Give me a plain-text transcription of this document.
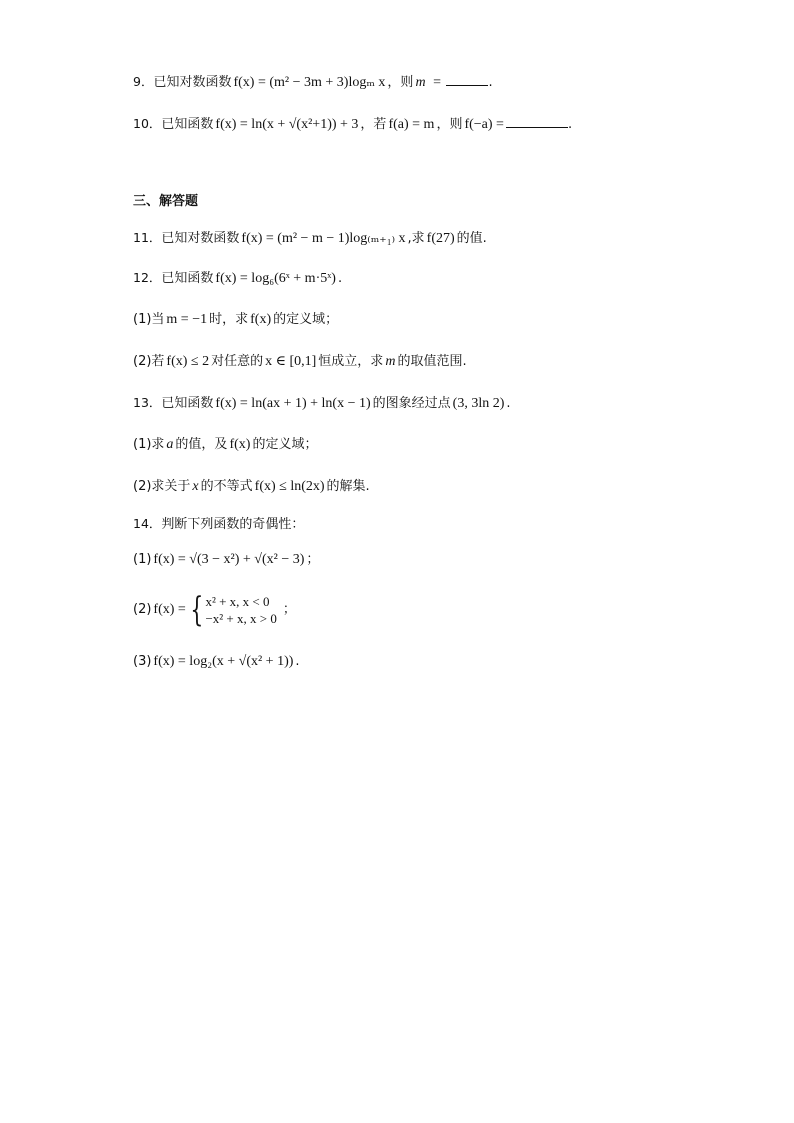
9．已知对数函数 f(x) = (m² − 3m + 3)logₘ x ，则 m =	.
10．已知函数 f(x) = ln(x + √(x²+1)) + 3 ，若 f(a) = m ，则 f(−a) =	.
三、解答题
11．已知对数函数 f(x) = (m² − m − 1)log₍ₘ₊₁₎ x ,求 f(27) 的值.
12．已知函数 f(x) = log₆(6ˣ + m·5ˣ) .
(1)当 m = −1 时，求 f(x) 的定义域；
(2)若 f(x) ≤ 2 对任意的 x ∈ [0,1] 恒成立，求 m 的取值范围.
13．已知函数 f(x) = ln(ax + 1) + ln(x − 1) 的图象经过点 (3, 3ln 2) .
(1)求 a 的值，及 f(x) 的定义域；
(2)求关于 x 的不等式 f(x) ≤ ln(2x) 的解集.
14．判断下列函数的奇偶性：
(1) f(x) = √(3 − x²) + √(x² − 3) ；
(2) f(x) = { x² + x, x < 0
−x² + x, x > 0；
(3) f(x) = log₂(x + √(x² + 1)) .
